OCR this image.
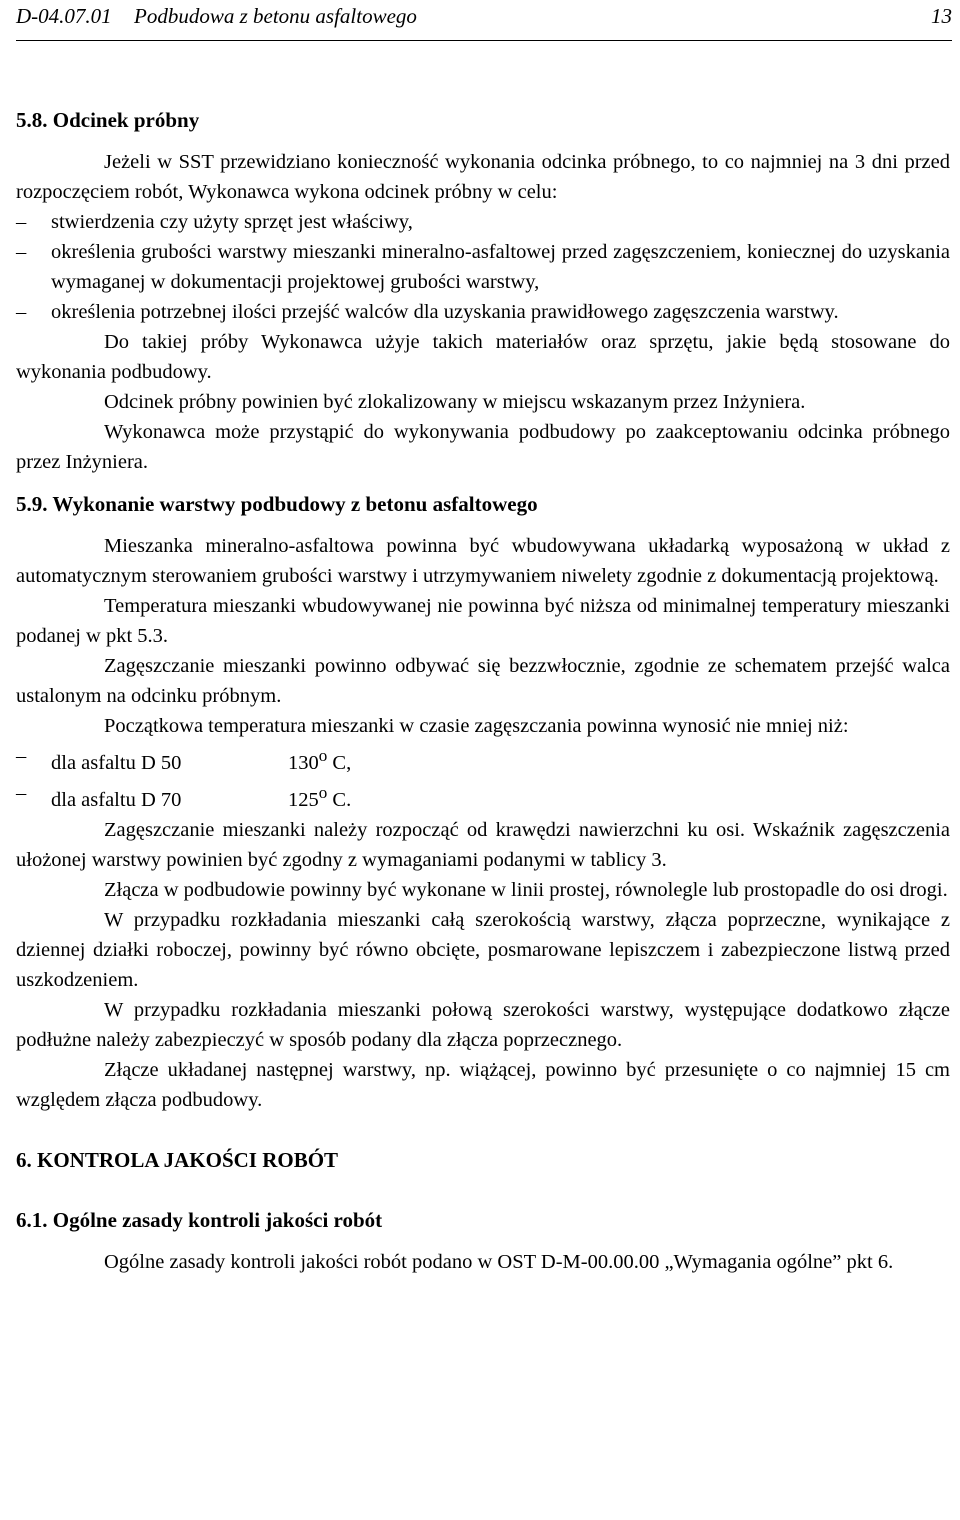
D-04.07.01 Podbudowa z betonu asfaltowego	13
5.8. Odcinek próbny

Jeżeli w SST przewidziano konieczność wykonania odcinka próbnego, to co najmniej na 3 dni przed rozpoczęciem robót, Wykonawca wykona odcinek próbny w celu:

– stwierdzenia czy użyty sprzęt jest właściwy,
– określenia grubości warstwy mieszanki mineralno-asfaltowej przed zagęszczeniem, koniecznej do uzyskania wymaganej w dokumentacji projektowej grubości warstwy,
– określenia potrzebnej ilości przejść walców dla uzyskania prawidłowego zagęszczenia warstwy.

Do takiej próby Wykonawca użyje takich materiałów oraz sprzętu, jakie będą stosowane do wykonania podbudowy.

Odcinek próbny powinien być zlokalizowany w miejscu wskazanym przez Inżyniera.

Wykonawca może przystąpić do wykonywania podbudowy po zaakceptowaniu odcinka próbnego przez Inżyniera.

5.9. Wykonanie warstwy podbudowy z betonu asfaltowego

Mieszanka mineralno-asfaltowa powinna być wbudowywana układarką wyposażoną w układ z automatycznym sterowaniem grubości warstwy i utrzymywaniem niwelety zgodnie z dokumentacją projektową.

Temperatura mieszanki wbudowywanej nie powinna być niższa od minimalnej temperatury mieszanki podanej w pkt 5.3.

Zagęszczanie mieszanki powinno odbywać się bezzwłocznie, zgodnie ze schematem przejść walca ustalonym na odcinku próbnym.

Początkowa temperatura mieszanki w czasie zagęszczania powinna wynosić nie mniej niż:

– dla asfaltu D 50	130$^o$ C,
– dla asfaltu D 70	125$^o$ C.

Zagęszczanie mieszanki należy rozpocząć od krawędzi nawierzchni ku osi. Wskaźnik zagęszczenia ułożonej warstwy powinien być zgodny z wymaganiami podanymi w tablicy 3.

Złącza w podbudowie powinny być wykonane w linii prostej, równolegle lub prostopadle do osi drogi.

W przypadku rozkładania mieszanki całą szerokością warstwy, złącza poprzeczne, wynikające z dziennej działki roboczej, powinny być równo obcięte, posmarowane lepiszczem i zabezpieczone listwą przed uszkodzeniem.

W przypadku rozkładania mieszanki połową szerokości warstwy, występujące dodatkowo złącze podłużne należy zabezpieczyć w sposób podany dla złącza poprzecznego.

Złącze układanej następnej warstwy, np. wiążącej, powinno być przesunięte o co najmniej 15 cm względem złącza podbudowy.

6. KONTROLA JAKOŚCI ROBÓT
6.1. Ogólne zasady kontroli jakości robót

Ogólne zasady kontroli jakości robót podano w OST D-M-00.00.00 „Wymagania ogólne” pkt 6.
